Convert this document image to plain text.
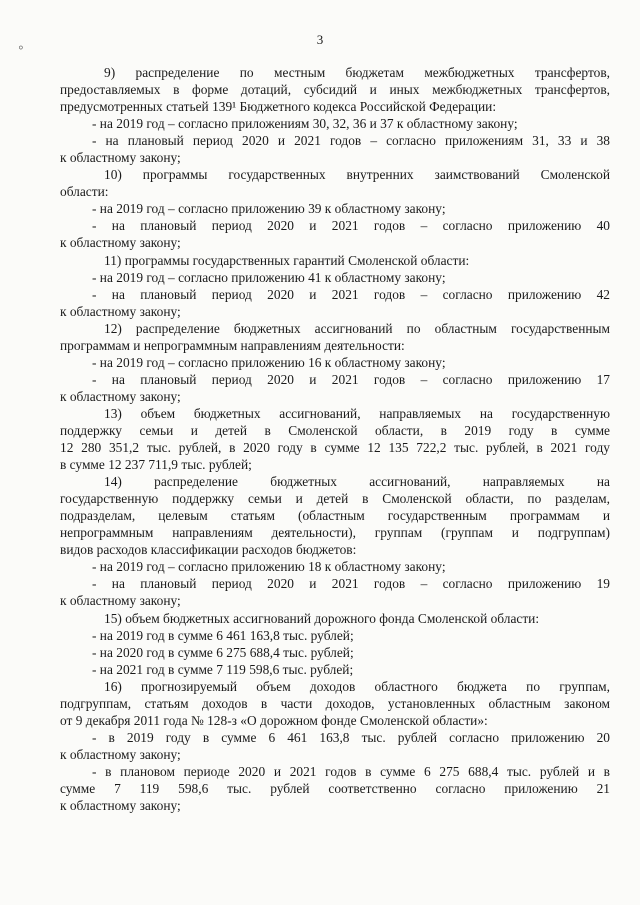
⸰
3

9) распределение по местным бюджетам межбюджетных трансфертов,

предоставляемых в форме дотаций, субсидий и иных межбюджетных трансфертов,

предусмотренных статьей 139¹ Бюджетного кодекса Российской Федерации:

- на 2019 год – согласно приложениям 30, 32, 36 и 37 к областному закону;

- на плановый период 2020 и 2021 годов – согласно приложениям 31, 33 и 38

к областному закону;

10) программы государственных внутренних заимствований Смоленской

области:

- на 2019 год – согласно приложению 39 к областному закону;

- на плановый период 2020 и 2021 годов – согласно приложению 40

к областному закону;

11) программы государственных гарантий Смоленской области:

- на 2019 год – согласно приложению 41 к областному закону;

- на плановый период 2020 и 2021 годов – согласно приложению 42

к областному закону;

12) распределение бюджетных ассигнований по областным государственным

программам и непрограммным направлениям деятельности:

- на 2019 год – согласно приложению 16 к областному закону;

- на плановый период 2020 и 2021 годов – согласно приложению 17

к областному закону;

13) объем бюджетных ассигнований, направляемых на государственную

поддержку семьи и детей в Смоленской области, в 2019 году в сумме

12 280 351,2 тыс. рублей, в 2020 году в сумме 12 135 722,2 тыс. рублей, в 2021 году

в сумме 12 237 711,9 тыс. рублей;

14) распределение бюджетных ассигнований, направляемых на

государственную поддержку семьи и детей в Смоленской области, по разделам,

подразделам, целевым статьям (областным государственным программам и

непрограммным направлениям деятельности), группам (группам и подгруппам)

видов расходов классификации расходов бюджетов:

- на 2019 год – согласно приложению 18 к областному закону;

- на плановый период 2020 и 2021 годов – согласно приложению 19

к областному закону;

15) объем бюджетных ассигнований дорожного фонда Смоленской области:

- на 2019 год в сумме 6 461 163,8 тыс. рублей;

- на 2020 год в сумме 6 275 688,4 тыс. рублей;

- на 2021 год в сумме 7 119 598,6 тыс. рублей;

16) прогнозируемый объем доходов областного бюджета по группам,

подгруппам, статьям доходов в части доходов, установленных областным законом

от 9 декабря 2011 года № 128-з «О дорожном фонде Смоленской области»:

- в 2019 году в сумме 6 461 163,8 тыс. рублей согласно приложению 20

к областному закону;

- в плановом периоде 2020 и 2021 годов в сумме 6 275 688,4 тыс. рублей и в

сумме 7 119 598,6 тыс. рублей соответственно согласно приложению 21

к областному закону;
